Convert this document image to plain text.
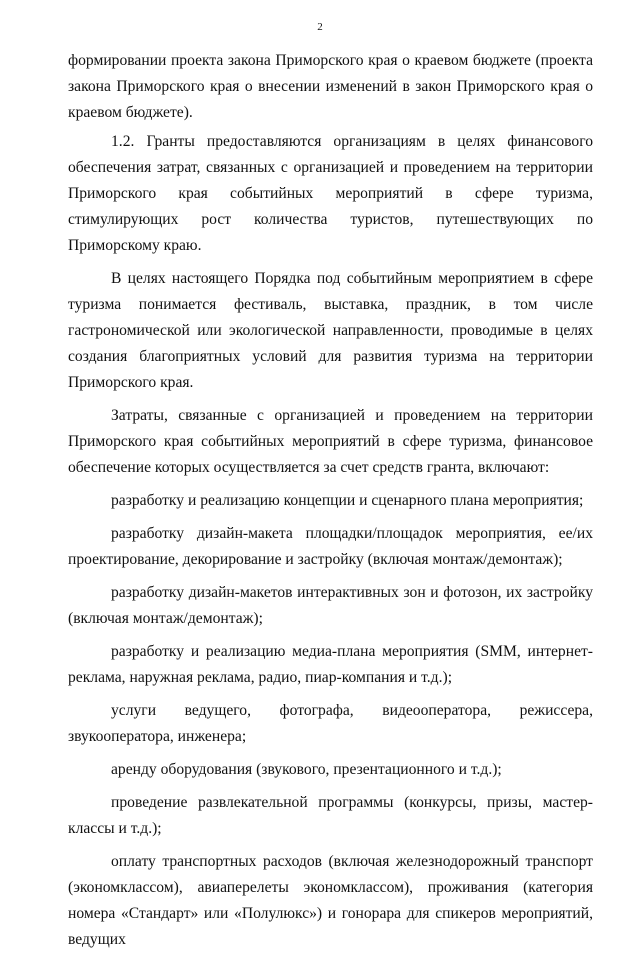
2

формировании проекта закона Приморского края о краевом бюджете (проекта закона Приморского края о внесении изменений в закон Приморского края о краевом бюджете).

1.2. Гранты предоставляются организациям в целях финансового обеспечения затрат, связанных с организацией и проведением на территории Приморского края событийных мероприятий в сфере туризма, стимулирующих рост количества туристов, путешествующих по Приморскому краю.

В целях настоящего Порядка под событийным мероприятием в сфере туризма понимается фестиваль, выставка, праздник, в том числе гастрономической или экологической направленности, проводимые в целях создания благоприятных условий для развития туризма на территории Приморского края.

Затраты, связанные с организацией и проведением на территории Приморского края событийных мероприятий в сфере туризма, финансовое обеспечение которых осуществляется за счет средств гранта, включают:

разработку и реализацию концепции и сценарного плана мероприятия;

разработку дизайн-макета площадки/площадок мероприятия, ее/их проектирование, декорирование и застройку (включая монтаж/демонтаж);

разработку дизайн-макетов интерактивных зон и фотозон, их застройку (включая монтаж/демонтаж);

разработку и реализацию медиа-плана мероприятия (SMM, интернет-реклама, наружная реклама, радио, пиар-компания и т.д.);

услуги ведущего, фотографа, видеооператора, режиссера, звукооператора, инженера;

аренду оборудования (звукового, презентационного и т.д.);

проведение развлекательной программы (конкурсы, призы, мастер-классы и т.д.);

оплату транспортных расходов (включая железнодорожный транспорт (экономклассом), авиаперелеты экономклассом), проживания (категория номера «Стандарт» или «Полулюкс») и гонорара для спикеров мероприятий, ведущих
